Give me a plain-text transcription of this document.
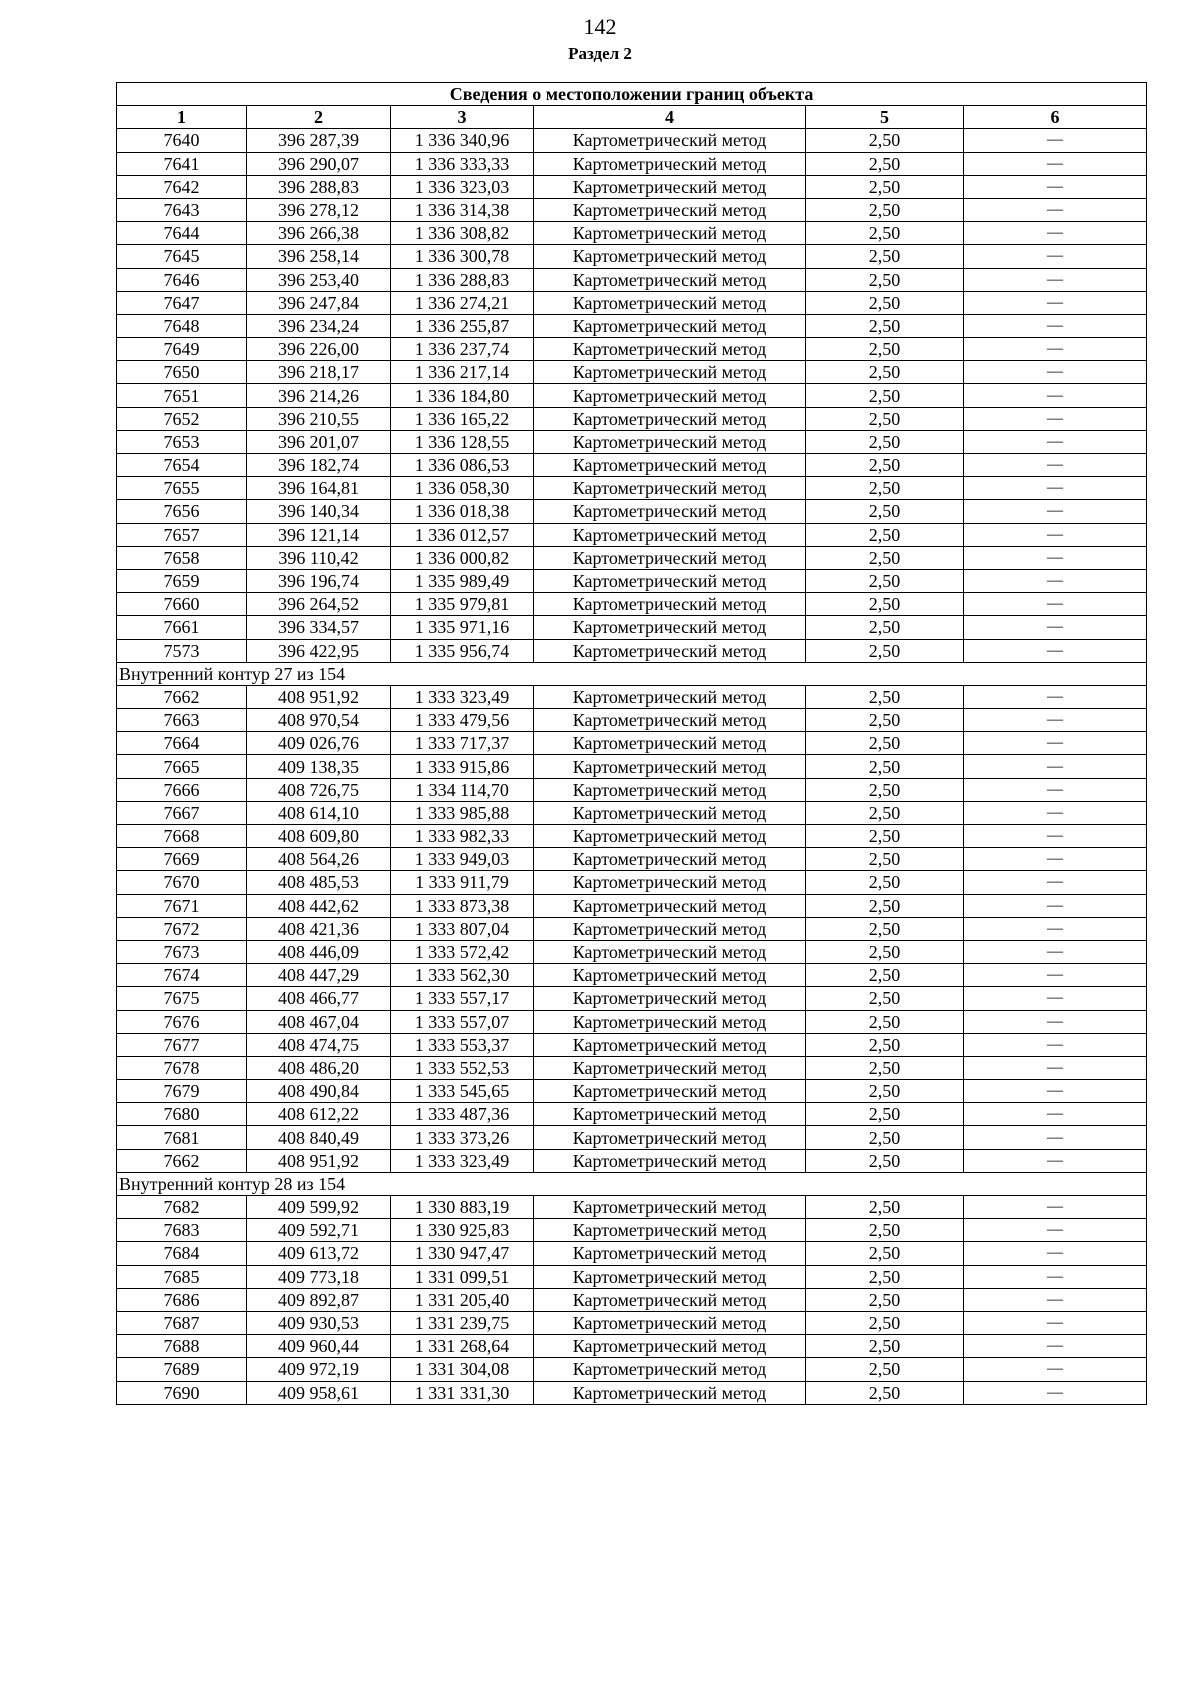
142
Раздел 2
Сведения о местоположении границ объекта					
1	2	3	4	5	6
7640	396 287,39	1 336 340,96	Картометрический метод	2,50	—
7641	396 290,07	1 336 333,33	Картометрический метод	2,50	—
7642	396 288,83	1 336 323,03	Картометрический метод	2,50	—
7643	396 278,12	1 336 314,38	Картометрический метод	2,50	—
7644	396 266,38	1 336 308,82	Картометрический метод	2,50	—
7645	396 258,14	1 336 300,78	Картометрический метод	2,50	—
7646	396 253,40	1 336 288,83	Картометрический метод	2,50	—
7647	396 247,84	1 336 274,21	Картометрический метод	2,50	—
7648	396 234,24	1 336 255,87	Картометрический метод	2,50	—
7649	396 226,00	1 336 237,74	Картометрический метод	2,50	—
7650	396 218,17	1 336 217,14	Картометрический метод	2,50	—
7651	396 214,26	1 336 184,80	Картометрический метод	2,50	—
7652	396 210,55	1 336 165,22	Картометрический метод	2,50	—
7653	396 201,07	1 336 128,55	Картометрический метод	2,50	—
7654	396 182,74	1 336 086,53	Картометрический метод	2,50	—
7655	396 164,81	1 336 058,30	Картометрический метод	2,50	—
7656	396 140,34	1 336 018,38	Картометрический метод	2,50	—
7657	396 121,14	1 336 012,57	Картометрический метод	2,50	—
7658	396 110,42	1 336 000,82	Картометрический метод	2,50	—
7659	396 196,74	1 335 989,49	Картометрический метод	2,50	—
7660	396 264,52	1 335 979,81	Картометрический метод	2,50	—
7661	396 334,57	1 335 971,16	Картометрический метод	2,50	—
7573	396 422,95	1 335 956,74	Картометрический метод	2,50	—
Внутренний контур 27 из 154					
7662	408 951,92	1 333 323,49	Картометрический метод	2,50	—
7663	408 970,54	1 333 479,56	Картометрический метод	2,50	—
7664	409 026,76	1 333 717,37	Картометрический метод	2,50	—
7665	409 138,35	1 333 915,86	Картометрический метод	2,50	—
7666	408 726,75	1 334 114,70	Картометрический метод	2,50	—
7667	408 614,10	1 333 985,88	Картометрический метод	2,50	—
7668	408 609,80	1 333 982,33	Картометрический метод	2,50	—
7669	408 564,26	1 333 949,03	Картометрический метод	2,50	—
7670	408 485,53	1 333 911,79	Картометрический метод	2,50	—
7671	408 442,62	1 333 873,38	Картометрический метод	2,50	—
7672	408 421,36	1 333 807,04	Картометрический метод	2,50	—
7673	408 446,09	1 333 572,42	Картометрический метод	2,50	—
7674	408 447,29	1 333 562,30	Картометрический метод	2,50	—
7675	408 466,77	1 333 557,17	Картометрический метод	2,50	—
7676	408 467,04	1 333 557,07	Картометрический метод	2,50	—
7677	408 474,75	1 333 553,37	Картометрический метод	2,50	—
7678	408 486,20	1 333 552,53	Картометрический метод	2,50	—
7679	408 490,84	1 333 545,65	Картометрический метод	2,50	—
7680	408 612,22	1 333 487,36	Картометрический метод	2,50	—
7681	408 840,49	1 333 373,26	Картометрический метод	2,50	—
7662	408 951,92	1 333 323,49	Картометрический метод	2,50	—
Внутренний контур 28 из 154					
7682	409 599,92	1 330 883,19	Картометрический метод	2,50	—
7683	409 592,71	1 330 925,83	Картометрический метод	2,50	—
7684	409 613,72	1 330 947,47	Картометрический метод	2,50	—
7685	409 773,18	1 331 099,51	Картометрический метод	2,50	—
7686	409 892,87	1 331 205,40	Картометрический метод	2,50	—
7687	409 930,53	1 331 239,75	Картометрический метод	2,50	—
7688	409 960,44	1 331 268,64	Картометрический метод	2,50	—
7689	409 972,19	1 331 304,08	Картометрический метод	2,50	—
7690	409 958,61	1 331 331,30	Картометрический метод	2,50	—
